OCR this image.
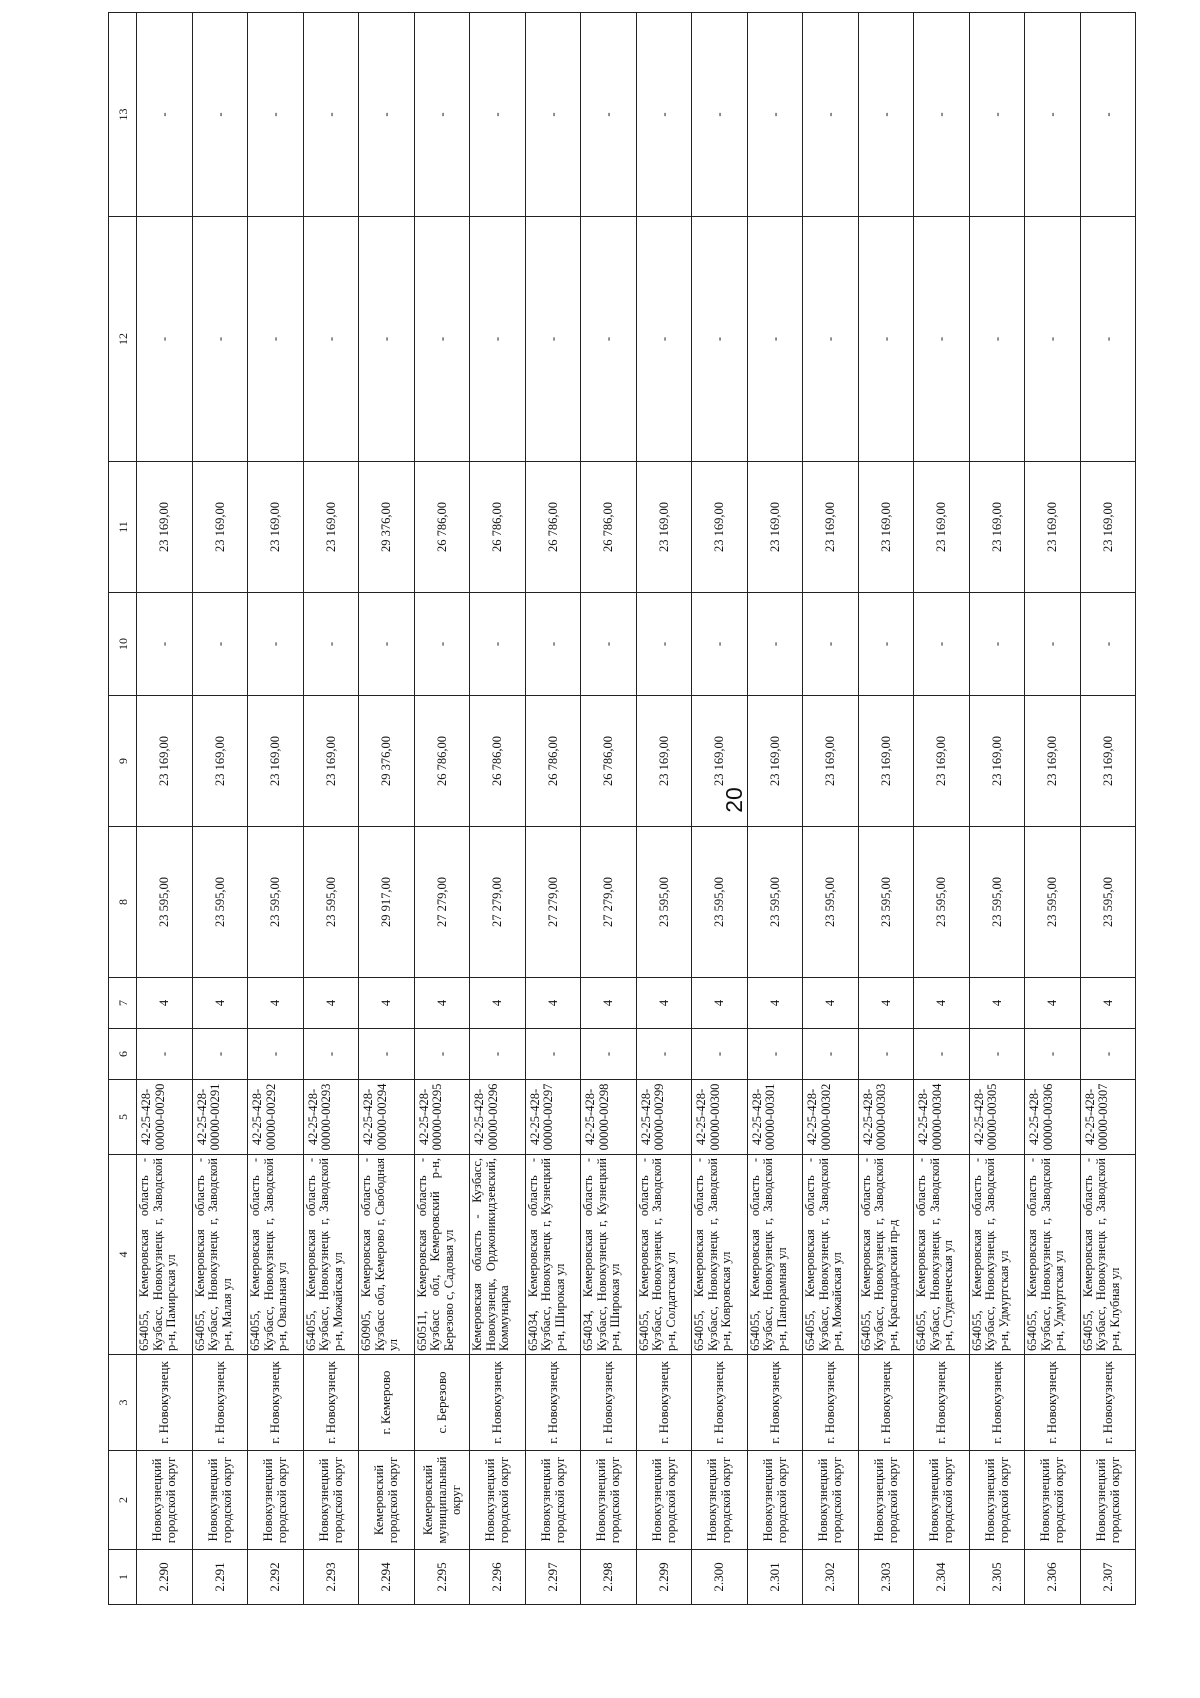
20
1	2	3	4	5	6	7	8	9	10	11	12	13
2.290	Новокузнецкий городской округ	г. Новокузнецк	654055, Кемеровская область - Кузбасс, Новокузнецк г, Заводской р-н, Памирская ул	42-25-428-00000-00290	-	4	23 595,00	23 169,00	-	23 169,00	-	-
2.291	Новокузнецкий городской округ	г. Новокузнецк	654055, Кемеровская область - Кузбасс, Новокузнецк г, Заводской р-н, Малая ул	42-25-428-00000-00291	-	4	23 595,00	23 169,00	-	23 169,00	-	-
2.292	Новокузнецкий городской округ	г. Новокузнецк	654055, Кемеровская область - Кузбасс, Новокузнецк г, Заводской р-н, Овальная ул	42-25-428-00000-00292	-	4	23 595,00	23 169,00	-	23 169,00	-	-
2.293	Новокузнецкий городской округ	г. Новокузнецк	654055, Кемеровская область - Кузбасс, Новокузнецк г, Заводской р-н, Можайская ул	42-25-428-00000-00293	-	4	23 595,00	23 169,00	-	23 169,00	-	-
2.294	Кемеровский городской округ	г. Кемерово	650905, Кемеровская область - Кузбасс обл, Кемерово г, Свободная ул	42-25-428-00000-00294	-	4	29 917,00	29 376,00	-	29 376,00	-	-
2.295	Кемеровский муниципальный округ	с. Березово	650511, Кемеровская область - Кузбасс обл, Кемеровский р-н, Березово с, Садовая ул	42-25-428-00000-00295	-	4	27 279,00	26 786,00	-	26 786,00	-	-
2.296	Новокузнецкий городской округ	г. Новокузнецк	Кемеровская область - Кузбасс, Новокузнецк, Орджоникидзевский, Коммунарка	42-25-428-00000-00296	-	4	27 279,00	26 786,00	-	26 786,00	-	-
2.297	Новокузнецкий городской округ	г. Новокузнецк	654034, Кемеровская область - Кузбасс, Новокузнецк г, Кузнецкий р-н, Широкая ул	42-25-428-00000-00297	-	4	27 279,00	26 786,00	-	26 786,00	-	-
2.298	Новокузнецкий городской округ	г. Новокузнецк	654034, Кемеровская область - Кузбасс, Новокузнецк г, Кузнецкий р-н, Широкая ул	42-25-428-00000-00298	-	4	27 279,00	26 786,00	-	26 786,00	-	-
2.299	Новокузнецкий городской округ	г. Новокузнецк	654055, Кемеровская область - Кузбасс, Новокузнецк г, Заводской р-н, Солдатская ул	42-25-428-00000-00299	-	4	23 595,00	23 169,00	-	23 169,00	-	-
2.300	Новокузнецкий городской округ	г. Новокузнецк	654055, Кемеровская область - Кузбасс, Новокузнецк г, Заводской р-н, Ковровская ул	42-25-428-00000-00300	-	4	23 595,00	23 169,00	-	23 169,00	-	-
2.301	Новокузнецкий городской округ	г. Новокузнецк	654055, Кемеровская область - Кузбасс, Новокузнецк г, Заводской р-н, Панорамная ул	42-25-428-00000-00301	-	4	23 595,00	23 169,00	-	23 169,00	-	-
2.302	Новокузнецкий городской округ	г. Новокузнецк	654055, Кемеровская область - Кузбасс, Новокузнецк г, Заводской р-н, Можайская ул	42-25-428-00000-00302	-	4	23 595,00	23 169,00	-	23 169,00	-	-
2.303	Новокузнецкий городской округ	г. Новокузнецк	654055, Кемеровская область - Кузбасс, Новокузнецк г, Заводской р-н, Краснодарский пр-д	42-25-428-00000-00303	-	4	23 595,00	23 169,00	-	23 169,00	-	-
2.304	Новокузнецкий городской округ	г. Новокузнецк	654055, Кемеровская область - Кузбасс, Новокузнецк г, Заводской р-н, Студенческая ул	42-25-428-00000-00304	-	4	23 595,00	23 169,00	-	23 169,00	-	-
2.305	Новокузнецкий городской округ	г. Новокузнецк	654055, Кемеровская область - Кузбасс, Новокузнецк г, Заводской р-н, Удмуртская ул	42-25-428-00000-00305	-	4	23 595,00	23 169,00	-	23 169,00	-	-
2.306	Новокузнецкий городской округ	г. Новокузнецк	654055, Кемеровская область - Кузбасс, Новокузнецк г, Заводской р-н, Удмуртская ул	42-25-428-00000-00306	-	4	23 595,00	23 169,00	-	23 169,00	-	-
2.307	Новокузнецкий городской округ	г. Новокузнецк	654055, Кемеровская область - Кузбасс, Новокузнецк г, Заводской р-н, Клубная ул	42-25-428-00000-00307	-	4	23 595,00	23 169,00	-	23 169,00	-	-
